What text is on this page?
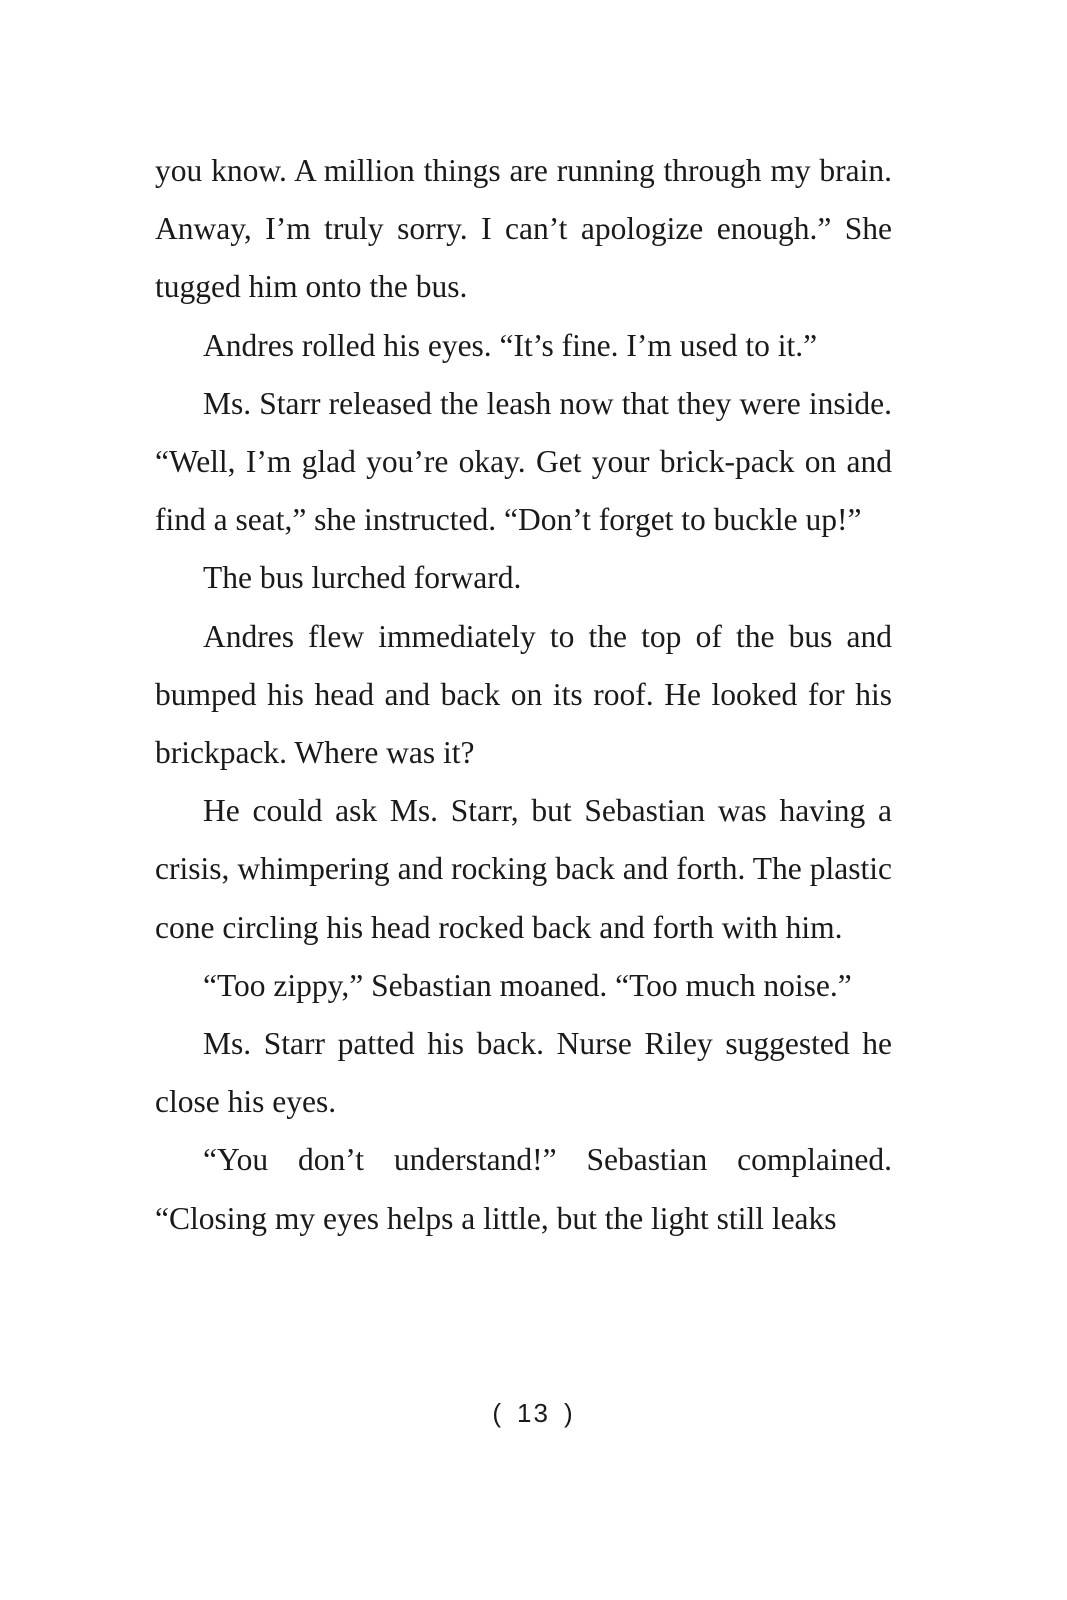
you know. A million things are running through my brain. Anway, I’m truly sorry. I can’t apologize enough.” She tugged him onto the bus.

Andres rolled his eyes. “It’s fine. I’m used to it.”

Ms. Starr released the leash now that they were inside. “Well, I’m glad you’re okay. Get your brick-pack on and find a seat,” she instructed. “Don’t forget to buckle up!”

The bus lurched forward.

Andres flew immediately to the top of the bus and bumped his head and back on its roof. He looked for his brickpack. Where was it?

He could ask Ms. Starr, but Sebastian was having a crisis, whimpering and rocking back and forth. The plastic cone circling his head rocked back and forth with him.

“Too zippy,” Sebastian moaned. “Too much noise.”

Ms. Starr patted his back. Nurse Riley suggested he close his eyes.

“You don’t understand!” Sebastian complained. “Closing my eyes helps a little, but the light still leaks

( 13 )
